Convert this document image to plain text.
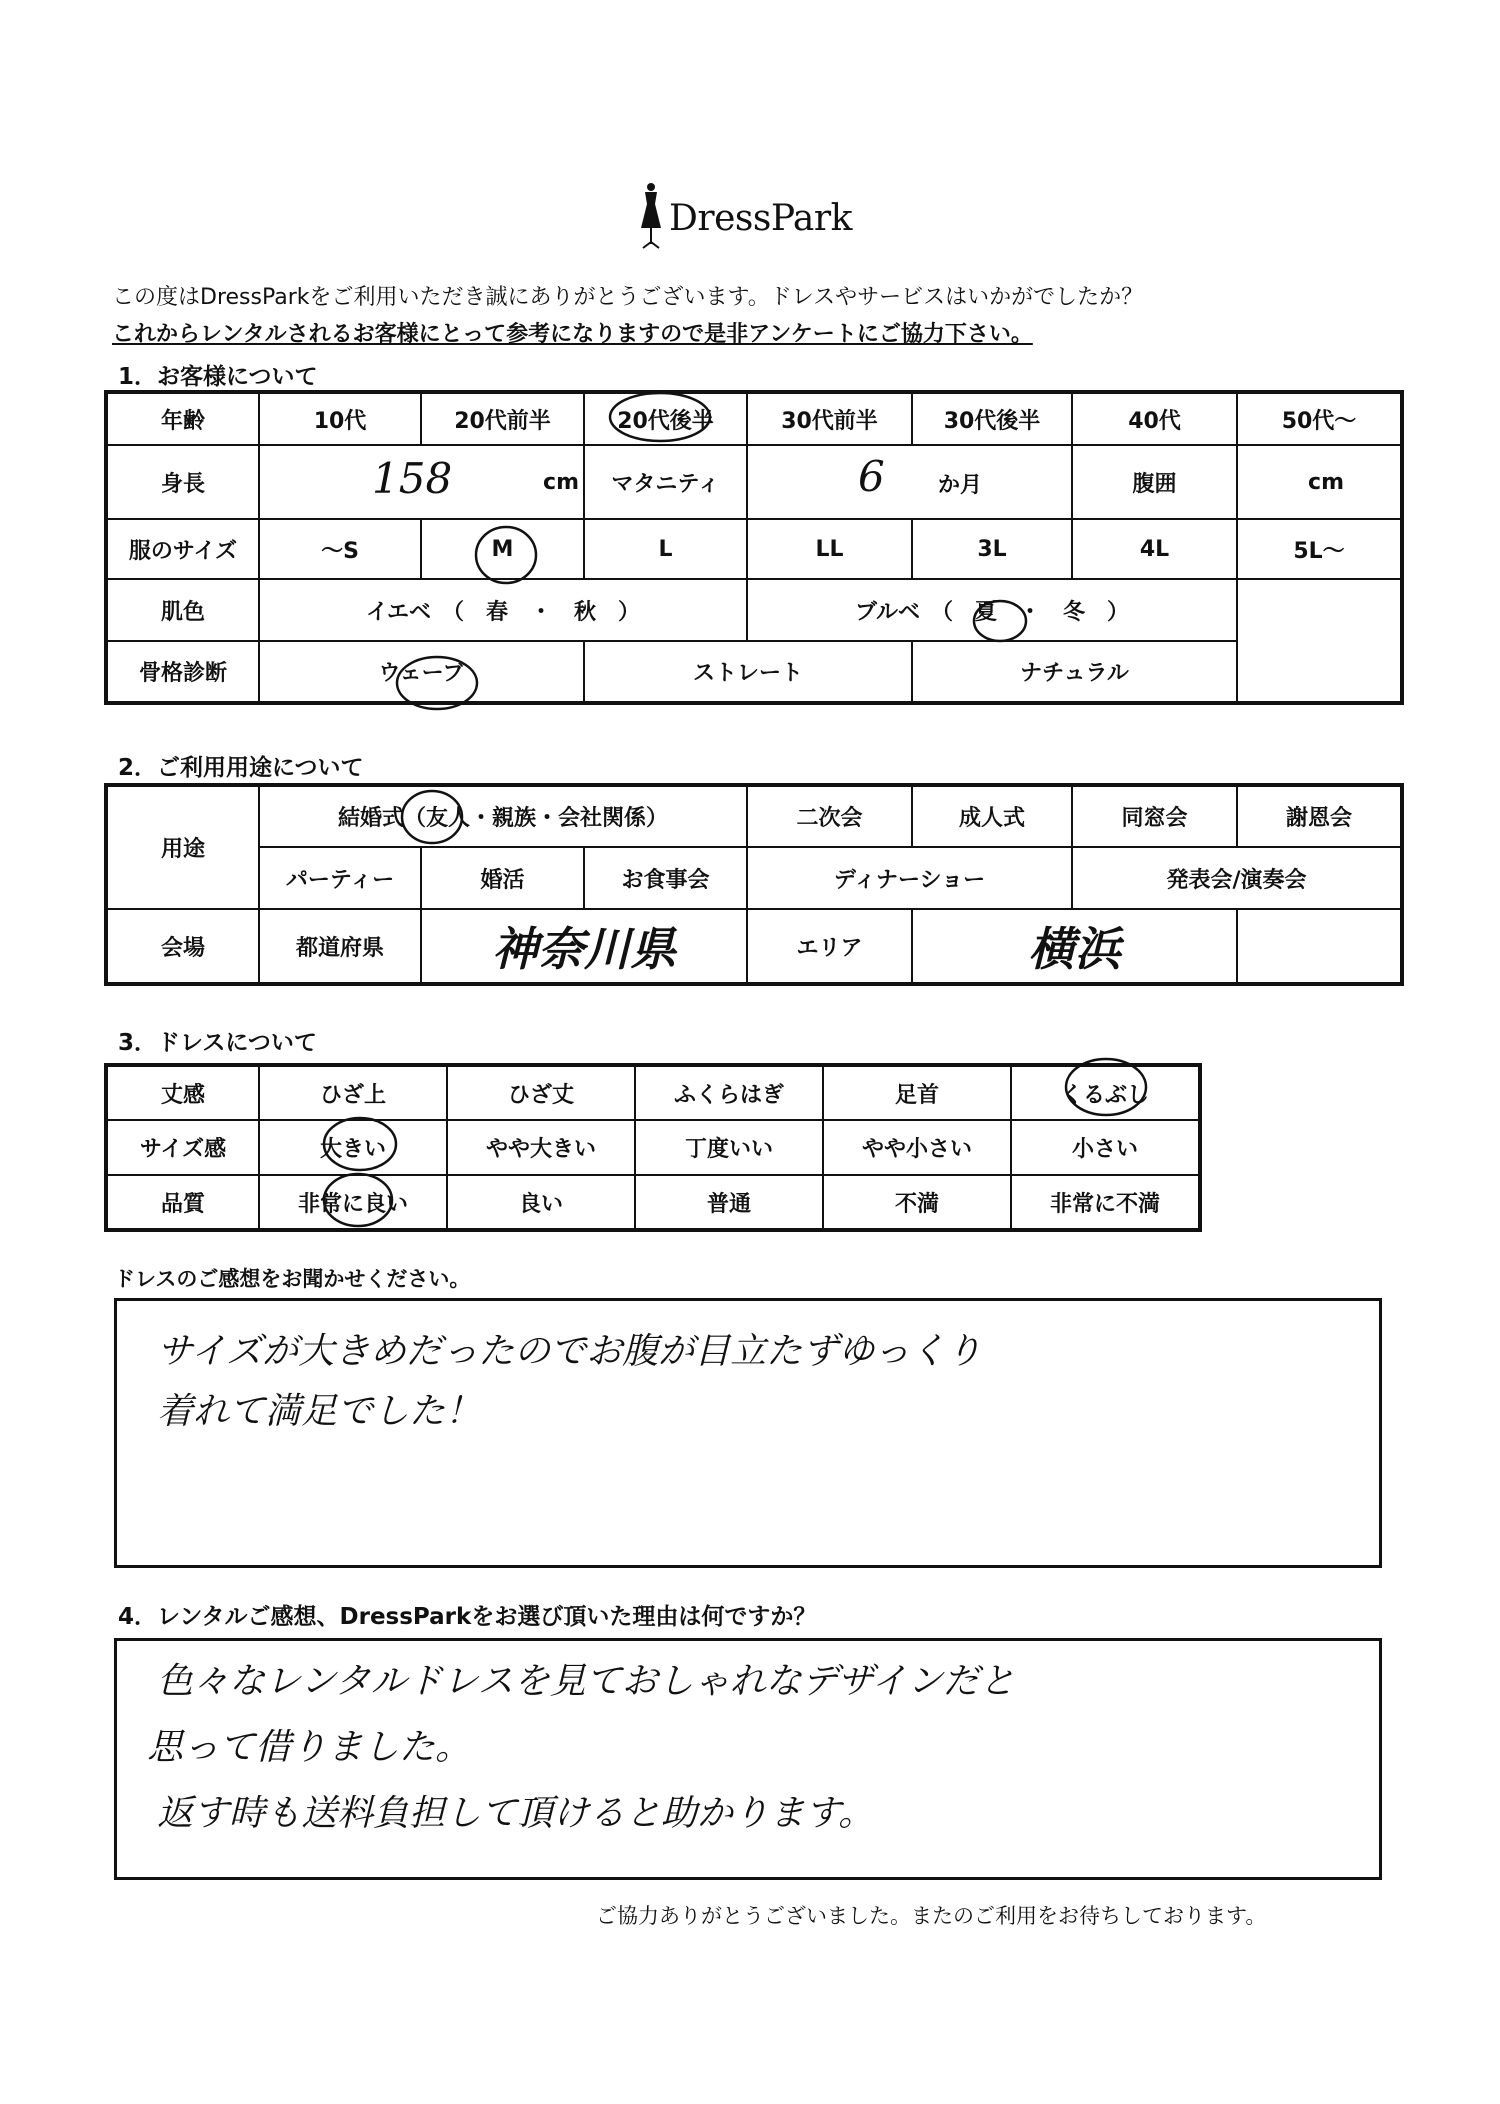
DressPark
この度はDressParkをご利用いただき誠にありがとうございます。ドレスやサービスはいかがでしたか？
これからレンタルされるお客様にとって参考になりますので是非アンケートにご協力下さい。
1．お客様について
年齢	10代	20代前半	20代後半	30代前半	30代後半	40代	50代～
身長	158 cm		マタニティ	6 か月		腹囲	cm
服のサイズ	～S	M	L	LL	3L	4L	5L～
肌色	イエベ　（　春　・　秋　）			ブルベ　（　夏　・　冬　）			
骨格診断	ウェーブ		ストレート		ナチュラル		
2．ご利用用途について
用途	結婚式（友人・親族・会社関係）			二次会	成人式	同窓会	謝恩会
	パーティー	婚活	お食事会	ディナーショー		発表会/演奏会	
会場	都道府県	神奈川県		エリア	横浜		
3．ドレスについて
丈感	ひざ上	ひざ丈	ふくらはぎ	足首	くるぶし
サイズ感	大きい	やや大きい	丁度いい	やや小さい	小さい
品質	非常に良い	良い	普通	不満	非常に不満
ドレスのご感想をお聞かせください。
サイズが大きめだったのでお腹が目立たずゆっくり
着れて満足でした！
4．レンタルご感想、DressParkをお選び頂いた理由は何ですか？
色々なレンタルドレスを見ておしゃれなデザインだと
思って借りました。
返す時も送料負担して頂けると助かります。
ご協力ありがとうございました。またのご利用をお待ちしております。
